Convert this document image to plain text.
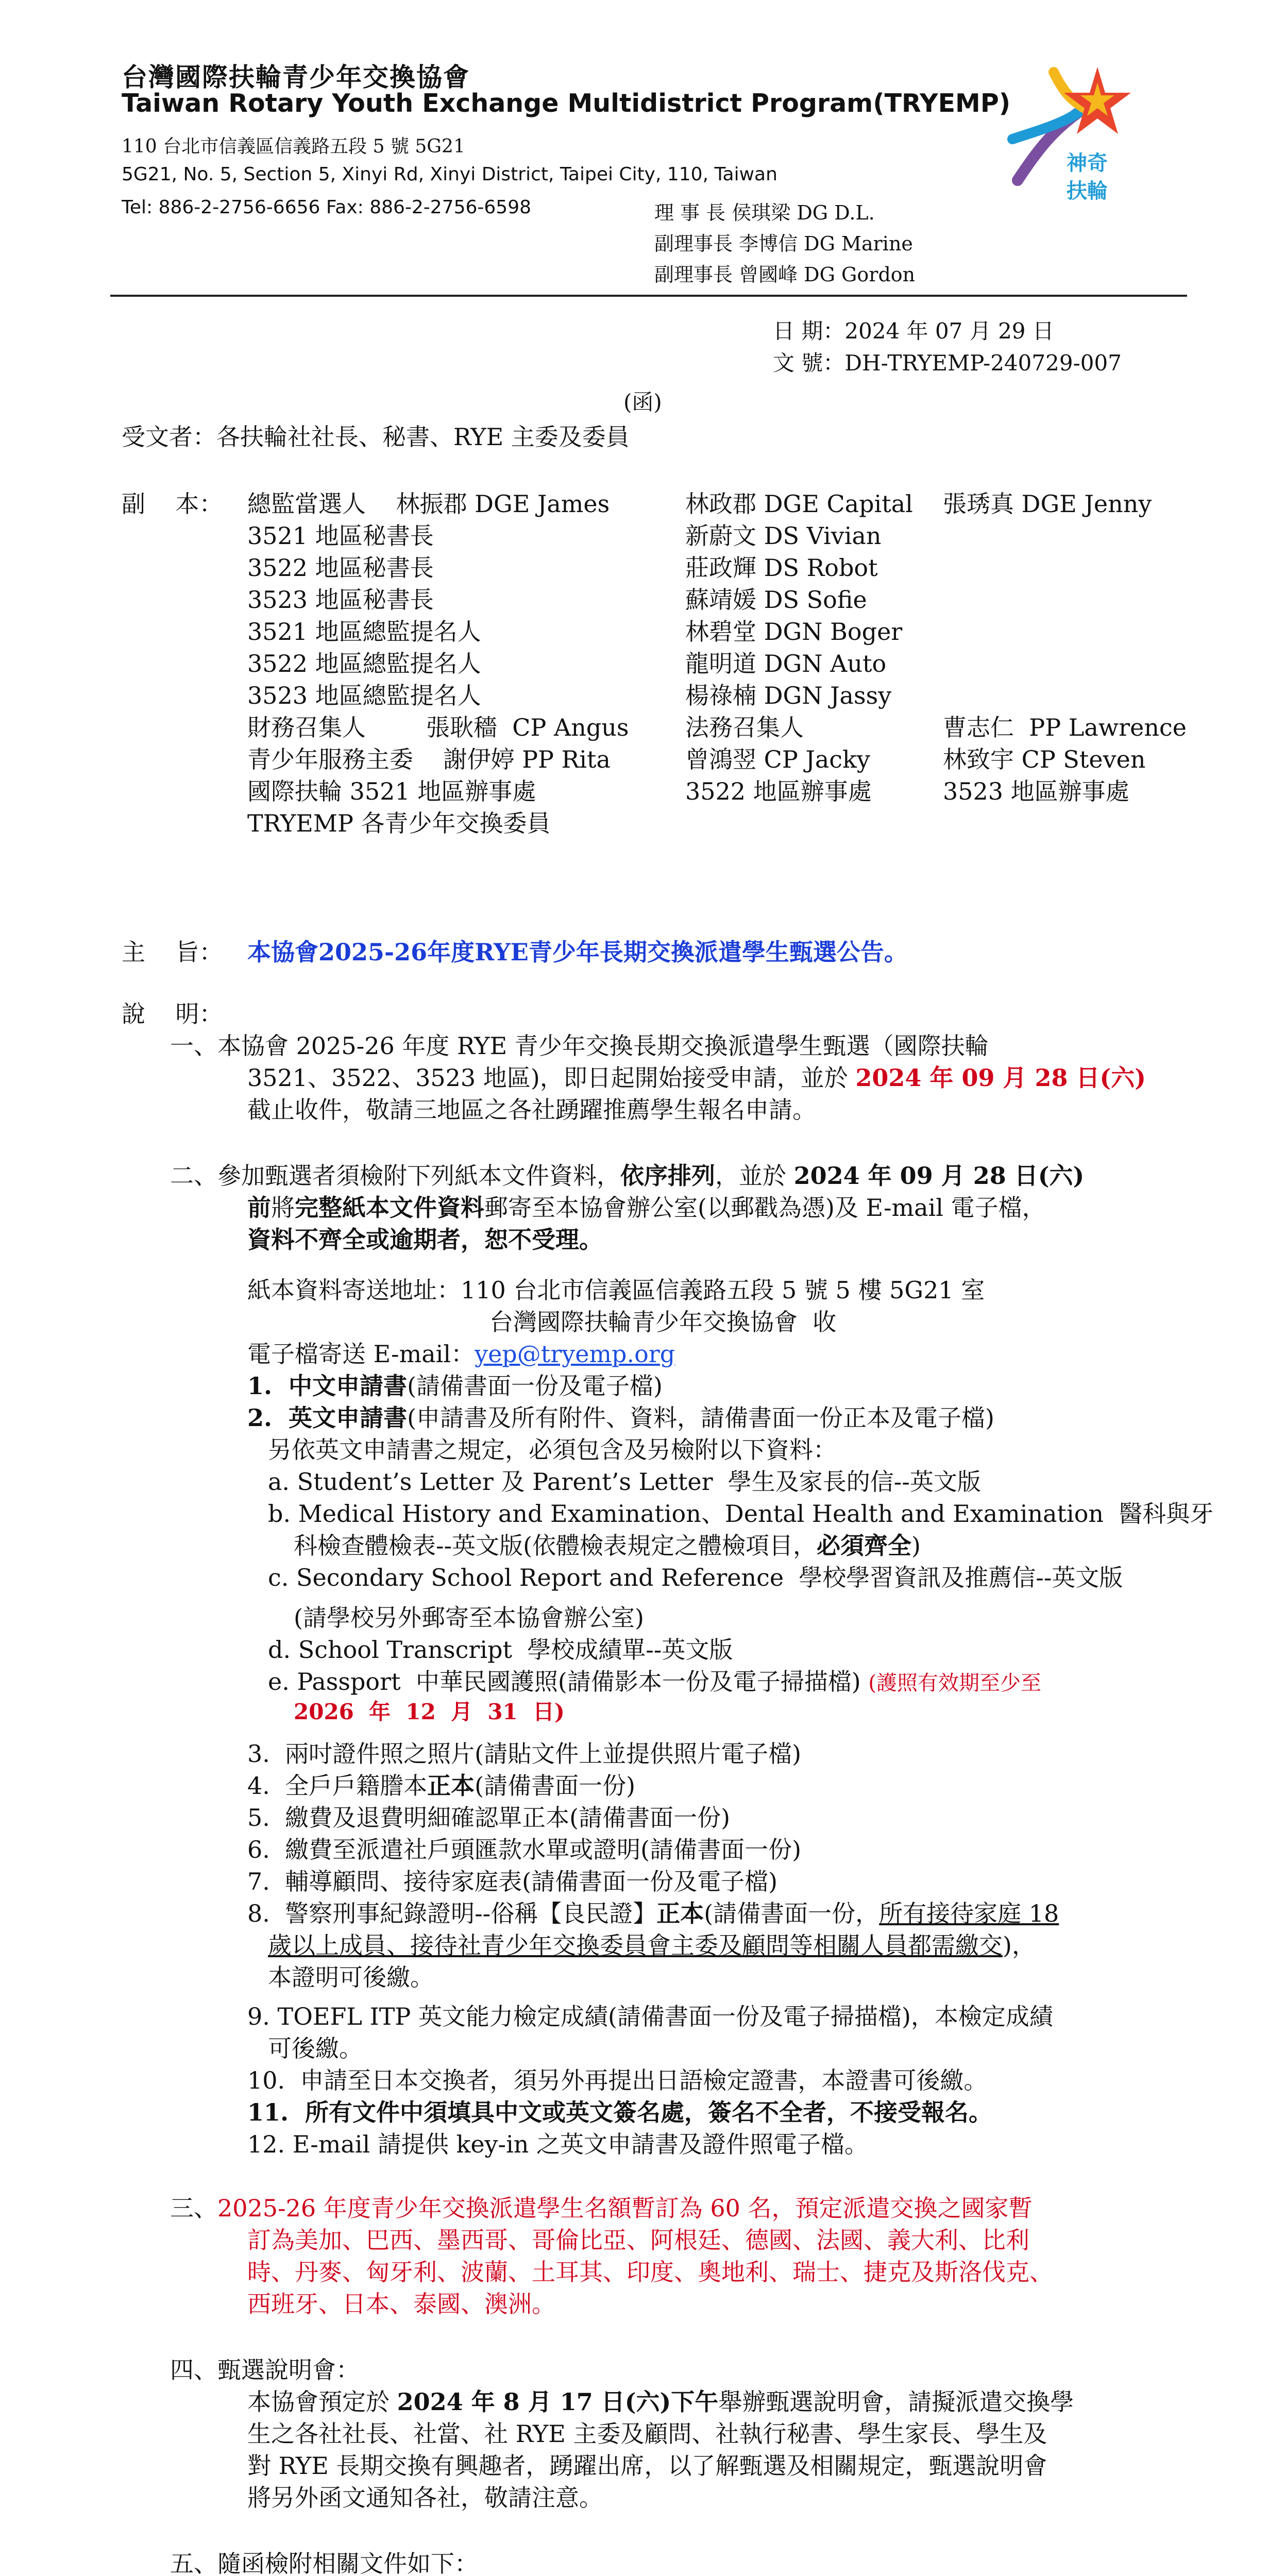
台灣國際扶輪青少年交換協會
Taiwan Rotary Youth Exchange Multidistrict Program(TRYEMP)
110 台北市信義區信義路五段 5 號 5G21
5G21, No. 5, Section 5, Xinyi Rd, Xinyi District, Taipei City, 110, Taiwan
Tel: 886-2-2756-6656 Fax: 886-2-2756-6598	理 事 長 侯琪梁 DG D.L.
副理事長 李博信 DG Marine
副理事長 曾國峰 DG Gordon
神奇
扶輪
日 期：2024 年 07 月 29 日
文 號：DH-TRYEMP-240729-007
(函)
受文者：各扶輪社社長、秘書、RYE 主委及委員
副    本： 總監當選人    林振郡 DGE James	林政郡 DGE Capital 張琇真 DGE Jenny
3521 地區秘書長	新蔚文 DS Vivian
3522 地區秘書長	莊政輝 DS Robot
3523 地區秘書長	蘇靖媛 DS Sofie
3521 地區總監提名人	林碧堂 DGN Boger
3522 地區總監提名人	龍明道 DGN Auto
3523 地區總監提名人	楊祿楠 DGN Jassy
財務召集人        張耿穡  CP Angus 法務召集人	曹志仁  PP Lawrence
青少年服務主委    謝伊婷 PP Rita	曾鴻翌 CP Jacky	林致宇 CP Steven
國際扶輪 3521 地區辦事處	3522 地區辦事處	3523 地區辦事處
TRYEMP 各青少年交換委員
主    旨： 本協會2025-26年度RYE青少年長期交換派遣學生甄選公告。
說    明：
一、本協會 2025-26 年度 RYE 青少年交換長期交換派遣學生甄選（國際扶輪
3521、3522、3523 地區)，即日起開始接受申請，並於 2024 年 09 月 28 日(六)
截止收件，敬請三地區之各社踴躍推薦學生報名申請。
二、參加甄選者須檢附下列紙本文件資料，依序排列，並於 2024 年 09 月 28 日(六)
前將完整紙本文件資料郵寄至本協會辦公室(以郵戳為憑)及 E-mail 電子檔，
資料不齊全或逾期者，恕不受理。
紙本資料寄送地址：110 台北市信義區信義路五段 5 號 5 樓 5G21 室
台灣國際扶輪青少年交換協會  收
電子檔寄送 E-mail：yep@tryemp.org
1.  中文申請書(請備書面一份及電子檔)
2.  英文申請書(申請書及所有附件、資料，請備書面一份正本及電子檔)
另依英文申請書之規定，必須包含及另檢附以下資料：
a. Student’s Letter 及 Parent’s Letter  學生及家長的信--英文版
b. Medical History and Examination、Dental Health and Examination  醫科與牙
科檢查體檢表--英文版(依體檢表規定之體檢項目，必須齊全)
c. Secondary School Report and Reference  學校學習資訊及推薦信--英文版
(請學校另外郵寄至本協會辦公室)
d. School Transcript  學校成績單--英文版
e. Passport  中華民國護照(請備影本一份及電子掃描檔) (護照有效期至少至
2026  年  12  月  31  日)
3.  兩吋證件照之照片(請貼文件上並提供照片電子檔)
4.  全戶戶籍謄本正本(請備書面一份)
5.  繳費及退費明細確認單正本(請備書面一份)
6.  繳費至派遣社戶頭匯款水單或證明(請備書面一份)
7.  輔導顧問、接待家庭表(請備書面一份及電子檔)
8.  警察刑事紀錄證明--俗稱【良民證】正本(請備書面一份，所有接待家庭 18
歲以上成員、接待社青少年交換委員會主委及顧問等相關人員都需繳交)，
本證明可後繳。
9. TOEFL ITP 英文能力檢定成績(請備書面一份及電子掃描檔)，本檢定成績
可後繳。
10.  申請至日本交換者，須另外再提出日語檢定證書，本證書可後繳。
11.  所有文件中須填具中文或英文簽名處，簽名不全者，不接受報名。
12. E-mail 請提供 key-in 之英文申請書及證件照電子檔。
三、2025-26 年度青少年交換派遣學生名額暫訂為 60 名，預定派遣交換之國家暫
訂為美加、巴西、墨西哥、哥倫比亞、阿根廷、德國、法國、義大利、比利
時、丹麥、匈牙利、波蘭、土耳其、印度、奧地利、瑞士、捷克及斯洛伐克、
西班牙、日本、泰國、澳洲。
四、甄選說明會：
本協會預定於 2024 年 8 月 17 日(六)下午舉辦甄選說明會，請擬派遣交換學
生之各社社長、社當、社 RYE 主委及顧問、社執行秘書、學生家長、學生及
對 RYE 長期交換有興趣者，踴躍出席，以了解甄選及相關規定，甄選說明會
將另外函文通知各社，敬請注意。
五、隨函檢附相關文件如下：
